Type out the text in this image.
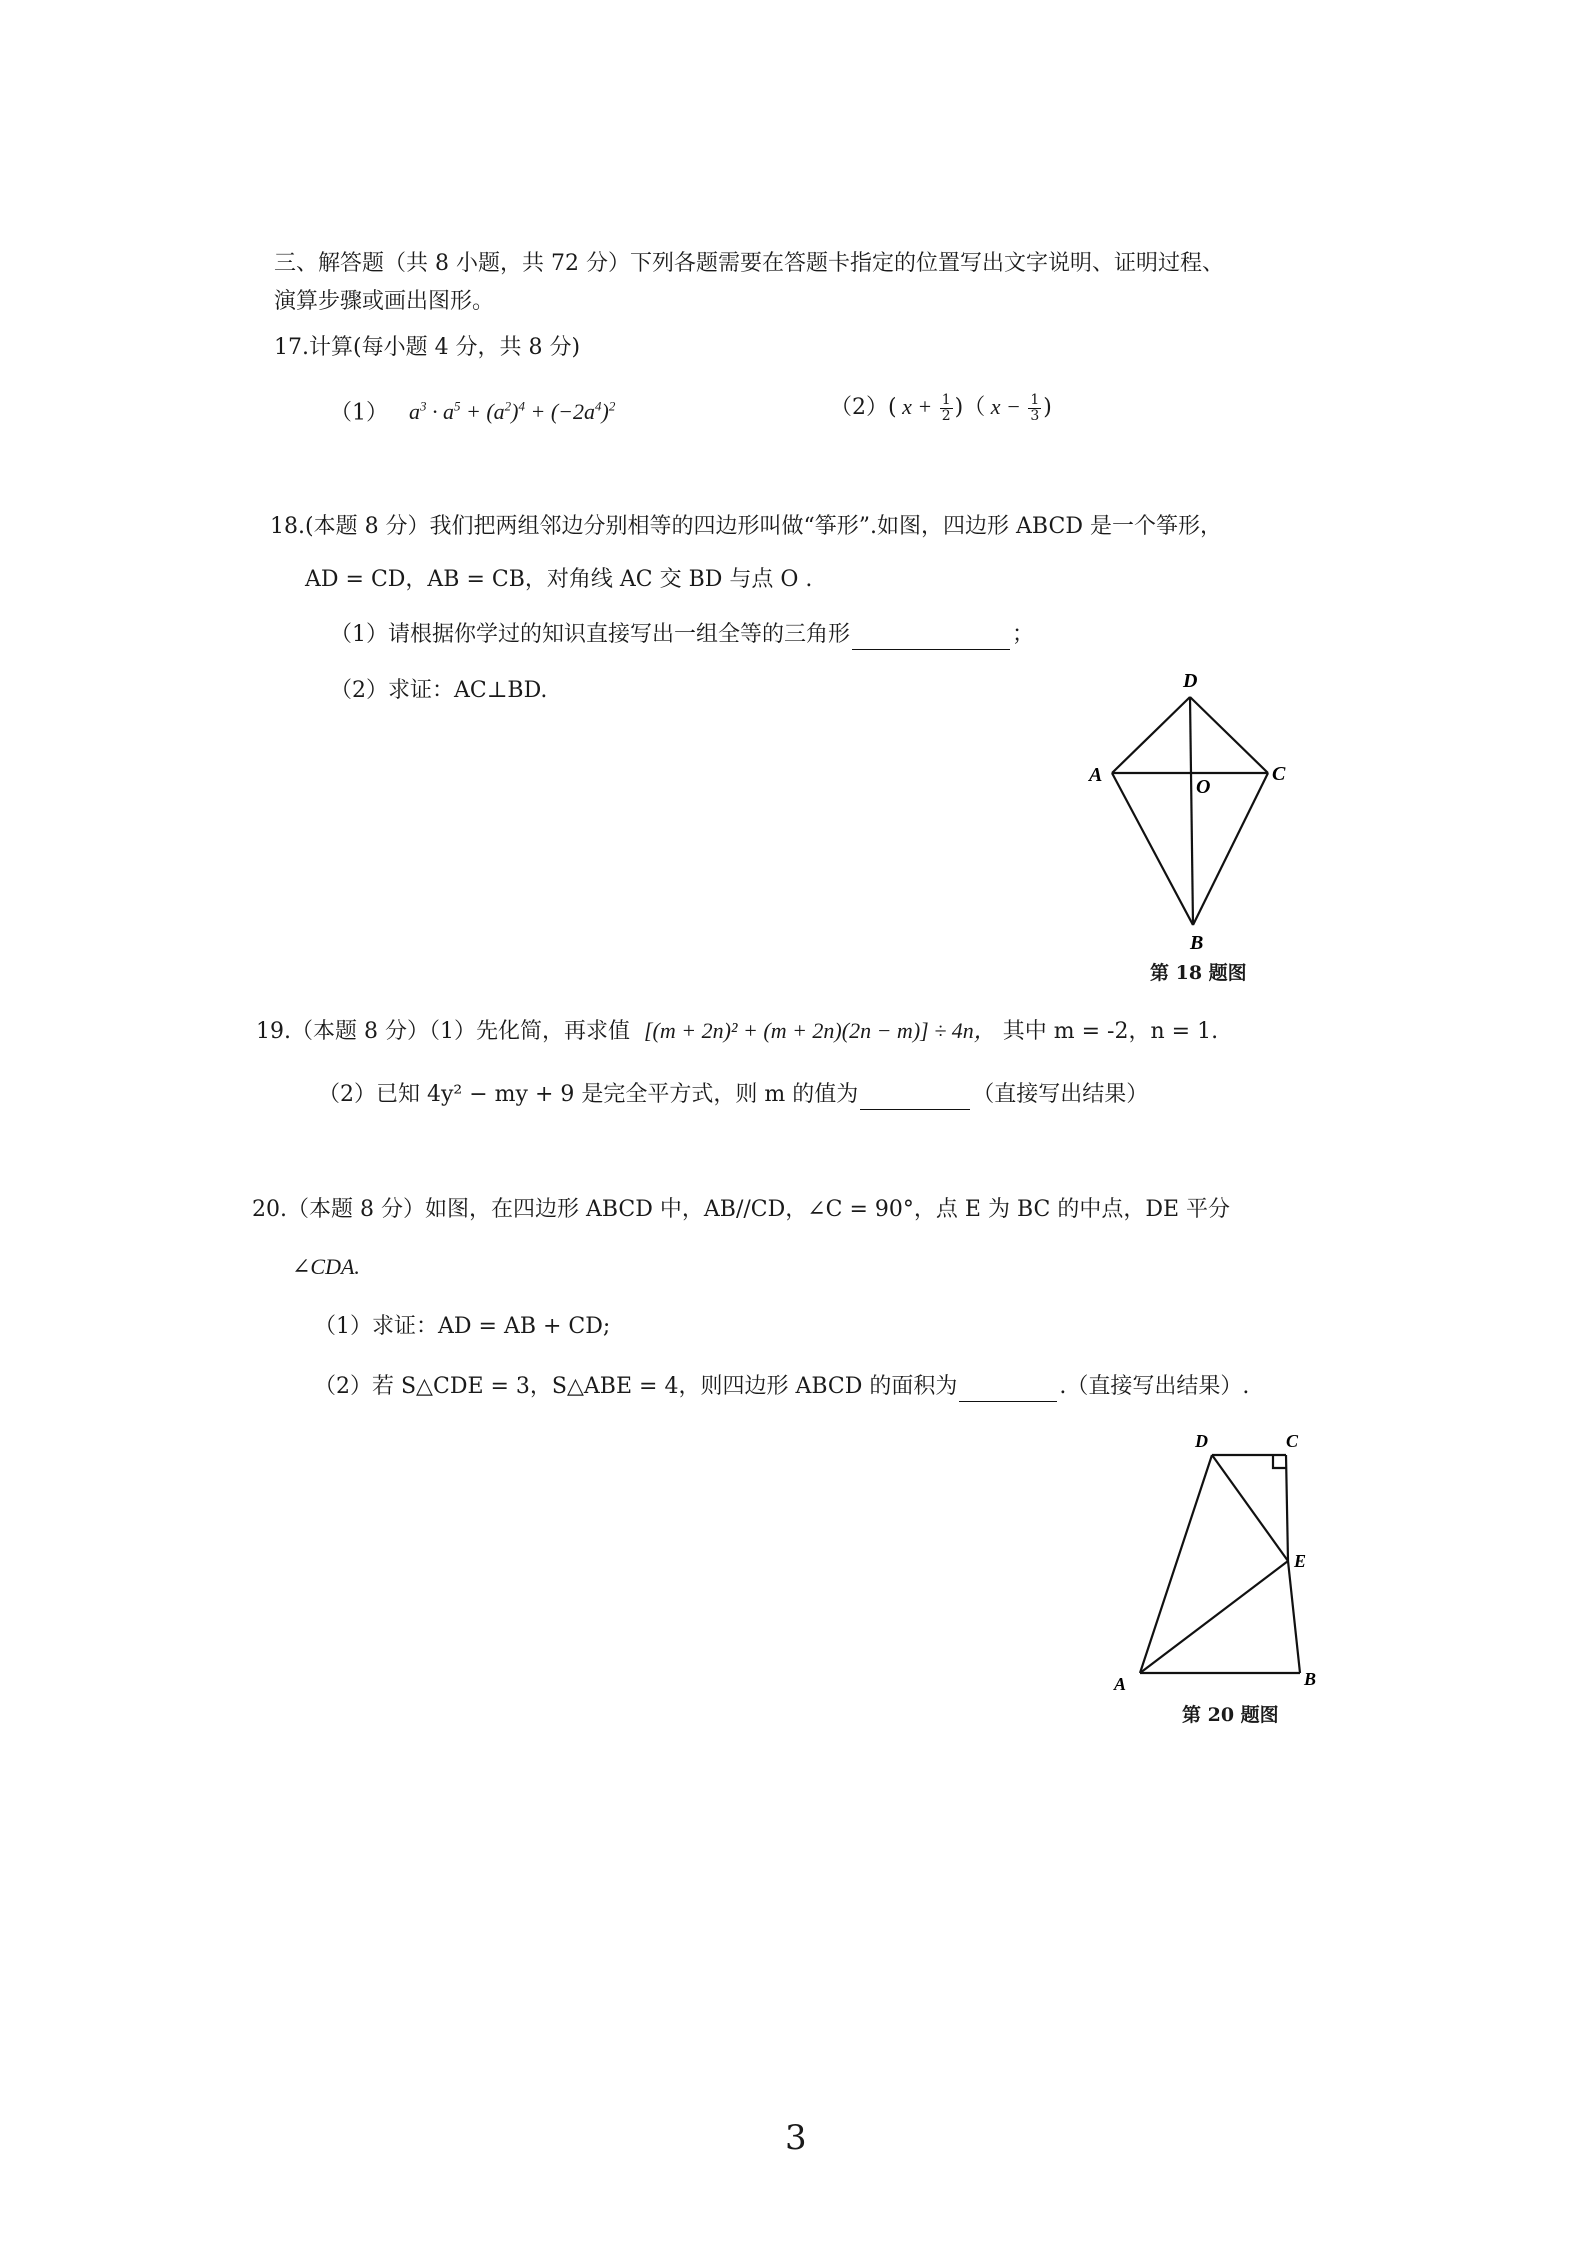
三、解答题（共 8 小题，共 72 分）下列各题需要在答题卡指定的位置写出文字说明、证明过程、
演算步骤或画出图形。
17.计算(每小题 4 分，共 8 分)
（1） $a^3 \cdot a^5 + (a^2)^4 + (-2a^4)^2$	（2）( $x + \frac{1}{2}$ )（ $x - \frac{1}{3}$ )
18.(本题 8 分）我们把两组邻边分别相等的四边形叫做“筝形”.如图，四边形 ABCD 是一个筝形，
AD = CD，AB = CB，对角线 AC 交 BD 与点 O .
（1）请根据你学过的知识直接写出一组全等的三角形	；
（2）求证：AC⊥BD.	D
A	C
O
B
第 18 题图
19.（本题 8 分）（1）先化简，再求值 [(m + 2n)² + (m + 2n)(2n − m)] ÷ 4n， 其中 m = -2，n = 1.
（2）已知 4y² − my + 9 是完全平方式，则 m 的值为	（直接写出结果）
20.（本题 8 分）如图，在四边形 ABCD 中，AB//CD，∠C = 90°，点 E 为 BC 的中点，DE 平分
∠CDA.
（1）求证：AD = AB + CD;
（2）若 S△CDE = 3，S△ABE = 4，则四边形 ABCD 的面积为	.（直接写出结果）.
D	C
E
A	B
第 20 题图
3
